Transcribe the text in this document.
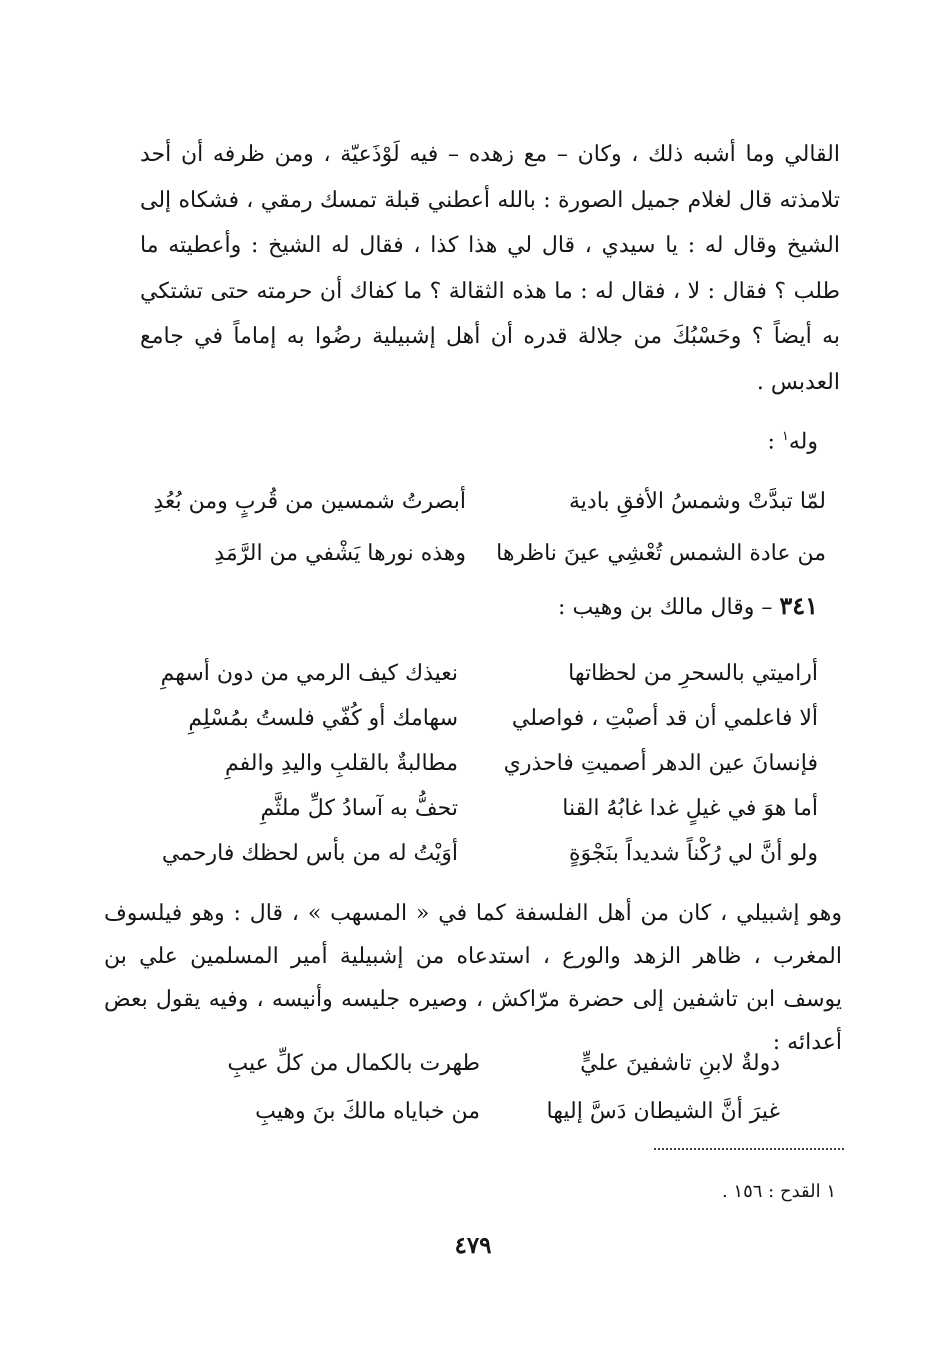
القالي وما أشبه ذلك ، وكان – مع زهده – فيه لَوْذَعيّة ، ومن ظرفه أن أحد تلامذته قال لغلام جميل الصورة : بالله أعطني قبلة تمسك رمقي ، فشكاه إلى الشيخ وقال له : يا سيدي ، قال لي هذا كذا ، فقال له الشيخ : وأعطيته ما طلب ؟ فقال : لا ، فقال له : ما هذه الثقالة ؟ ما كفاك أن حرمته حتى تشتكي به أيضاً ؟ وحَسْبُكَ من جلالة قدره أن أهل إشبيلية رضُوا به إماماً في جامع العدبس .

وله$^١$ :
لمّا تبدَّتْ وشمسُ الأفقِ بادية
أبصرتُ شمسين من قُربٍ ومن بُعُدِ
من عادة الشمس تُعْشِي عينَ ناظرها
وهذه نورها يَشْفي من الرَّمَدِ

٣٤١ – وقال مالك بن وهيب :

أراميتي بالسحرِ من لحظاتها
نعيذك كيف الرمي من دون أسهمِ
ألا فاعلمي أن قد أصبْتِ ، فواصلي
سهامك أو كُفّي فلستُ بمُسْلِمِ
فإنسانَ عين الدهر أصميتِ فاحذري
مطالبةٌ بالقلبِ واليدِ والفمِ
أما هوَ في غيلٍ غدا غابُهُ القنا
تحفُّ به آسادُ كلِّ ملثَّمِ
ولو أنَّ لي رُكْناً شديداً بنَجْوَةٍ
أوَيْتُ له من بأس لحظك فارحمي

وهو إشبيلي ، كان من أهل الفلسفة كما في « المسهب » ، قال : وهو فيلسوف المغرب ، ظاهر الزهد والورع ، استدعاه من إشبيلية أمير المسلمين علي بن يوسف ابن تاشفين إلى حضرة مرّاكش ، وصيره جليسه وأنيسه ، وفيه يقول بعض أعدائه :

دولةٌ لابنِ تاشفينَ عليٍّ
طهرت بالكمال من كلِّ عيبِ
غيرَ أنَّ الشيطان دَسَّ إليها
من خباياه مالكَ بنَ وهيبِ

١ القدح : ١٥٦ .

٤٧٩
